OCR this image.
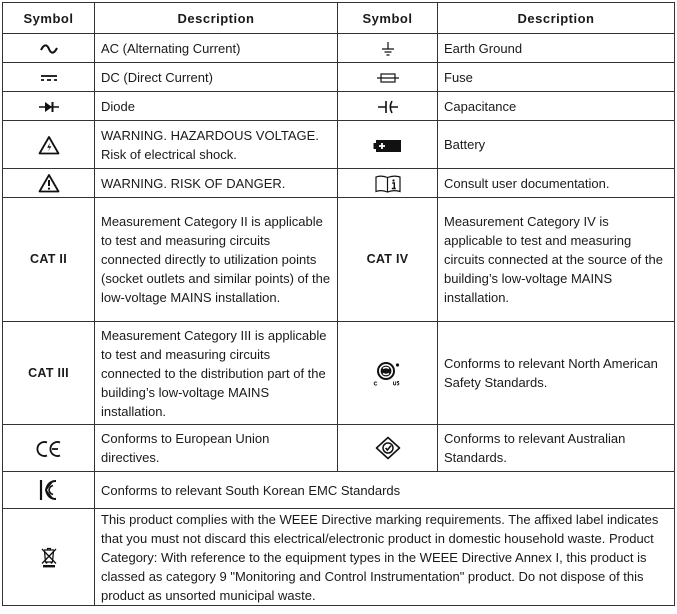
Symbol	Description	Symbol	Description
	AC (Alternating Current)		Earth Ground
	DC (Direct Current)		Fuse
	Diode		Capacitance
	WARNING. HAZARDOUS VOLTAGE. Risk of electrical shock.		Battery
	WARNING. RISK OF DANGER.		Consult user documentation.
CAT II	Measurement Category II is applicable to test and measuring circuits connected directly to utilization points (socket outlets and similar points) of the low-voltage MAINS installation.	CAT IV	Measurement Category IV is applicable to test and measuring circuits connected at the source of the building’s low-voltage MAINS installation.
CAT III	Measurement Category III is applicable to test and measuring circuits connected to the distribution part of the building’s low-voltage MAINS installation.		Conforms to relevant North American Safety Standards.
	Conforms to European Union directives.		Conforms to relevant Australian Standards.
	Conforms to relevant South Korean EMC Standards		
	This product complies with the WEEE Directive marking requirements. The affixed label indicates that you must not discard this electrical/electronic product in domestic household waste. Product Category: With reference to the equipment types in the WEEE Directive Annex I, this product is classed as category 9 "Monitoring and Control Instrumentation" product. Do not dispose of this product as unsorted municipal waste.		
